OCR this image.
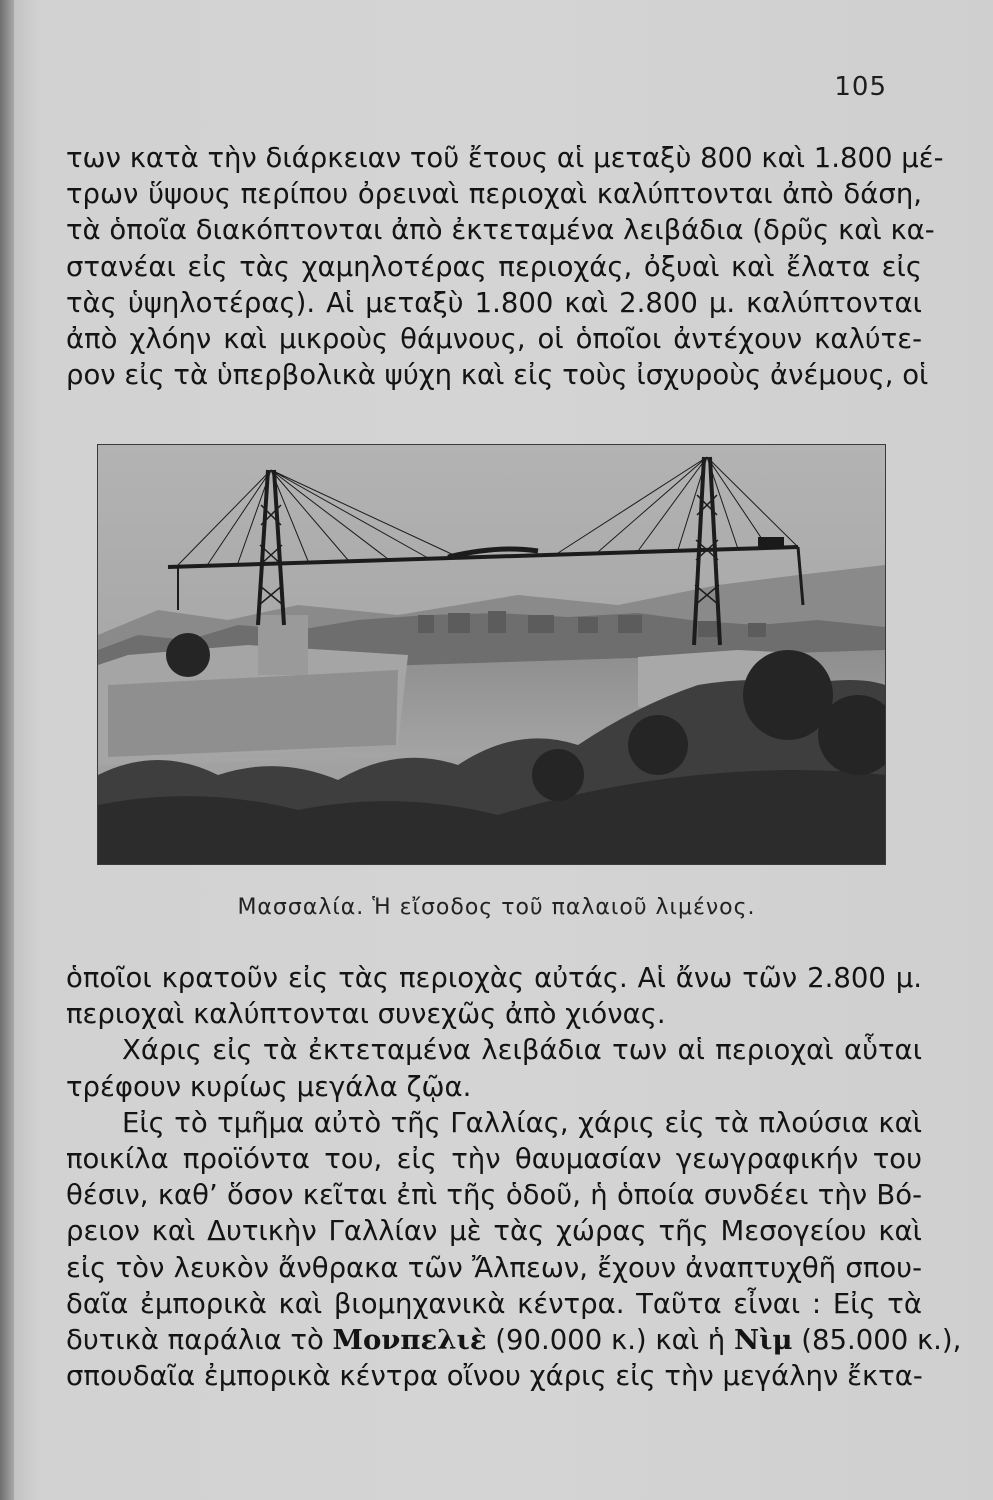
105
των κατὰ τὴν διάρκειαν τοῦ ἔτους αἱ μεταξὺ 800 καὶ 1.800 μέ-
τρων ὕψους περίπου ὀρειναὶ περιοχαὶ καλύπτονται ἀπὸ δάση,
τὰ ὁποῖα διακόπτονται ἀπὸ ἐκτεταμένα λειβάδια (δρῦς καὶ κα-
στανέαι εἰς τὰς χαμηλοτέρας περιοχάς, ὀξυαὶ καὶ ἔλατα εἰς
τὰς ὑψηλοτέρας). Αἱ μεταξὺ 1.800 καὶ 2.800 μ. καλύπτονται
ἀπὸ χλόην καὶ μικροὺς θάμνους, οἱ ὁποῖοι ἀντέχουν καλύτε-
ρον εἰς τὰ ὑπερβολικὰ ψύχη καὶ εἰς τοὺς ἰσχυροὺς ἀνέμους, οἱ
Μασσαλία. Ἡ εἴσοδος τοῦ παλαιοῦ λιμένος.
ὁποῖοι κρατοῦν εἰς τὰς περιοχὰς αὐτάς. Αἱ ἄνω τῶν 2.800 μ.
περιοχαὶ καλύπτονται συνεχῶς ἀπὸ χιόνας.
Χάρις εἰς τὰ ἐκτεταμένα λειβάδια των αἱ περιοχαὶ αὗται
τρέφουν κυρίως μεγάλα ζῷα.
Εἰς τὸ τμῆμα αὐτὸ τῆς Γαλλίας, χάρις εἰς τὰ πλούσια καὶ
ποικίλα προϊόντα του, εἰς τὴν θαυμασίαν γεωγραφικήν του
θέσιν, καθ’ ὅσον κεῖται ἐπὶ τῆς ὁδοῦ, ἡ ὁποία συνδέει τὴν Βό-
ρειον καὶ Δυτικὴν Γαλλίαν μὲ τὰς χώρας τῆς Μεσογείου καὶ
εἰς τὸν λευκὸν ἄνθρακα τῶν Ἄλπεων, ἔχουν ἀναπτυχθῆ σπου-
δαῖα ἐμπορικὰ καὶ βιομηχανικὰ κέντρα. Ταῦτα εἶναι : Εἰς τὰ
δυτικὰ παράλια τὸ Μονπελιὲ (90.000 κ.) καὶ ἡ Νὶμ (85.000 κ.),
σπουδαῖα ἐμπορικὰ κέντρα οἴνου χάρις εἰς τὴν μεγάλην ἔκτα-
